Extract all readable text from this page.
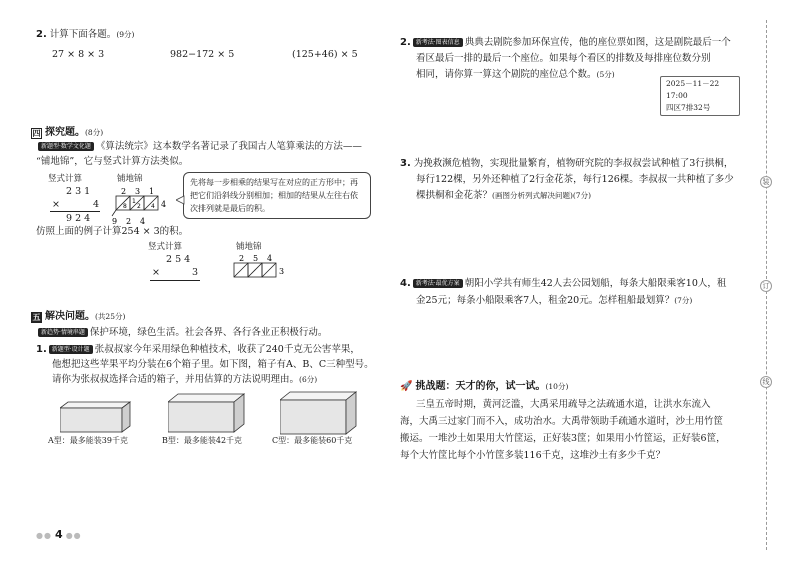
2. 计算下面各题。(9分)
27 × 8 × 3	982−172 × 5	(125+46) × 5
四 探究题。(8分)
新题型·数学文化题 《算法统宗》这本数学名著记录了我国古人笔算乘法的方法——
“铺地锦”，它与竖式计算方法类似。
竖式计算	铺地锦
2 3 1
×	4
9 2 4
2 3 1
4
8 2 4
1
9 2 4
先将每一步相乘的结果写在对应的正方形中；再
把它们沿斜线分别相加；相加的结果从左往右依
次排列就是最后的积。
仿照上面的例子计算254 × 3的积。
竖式计算	铺地锦
2 5 4
×	3
2 5 4
3
五 解决问题。(共25分)
新趋势·情境串题 保护环境，绿色生活。社会各界、各行各业正积极行动。
1. 新题型·设计题 张叔叔家今年采用绿色种植技术，收获了240千克无公害苹果，
他想把这些苹果平均分装在6个箱子里。如下图，箱子有A、B、C三种型号。
请你为张叔叔选择合适的箱子，并用估算的方法说明理由。(6分)
A型：最多能装39千克	B型：最多能装42千克	C型：最多能装60千克
●● 4 ●●
2. 新考法·图表信息 典典去剧院参加环保宣传，他的座位票如图，这是剧院最后一个
看区最后一排的最后一个座位。如果每个看区的排数及每排座位数分别
相同，请你算一算这个剧院的座位总个数。(5分)
2025－11－22 17:00
四区7排32号
3. 为挽救濒危植物，实现批量繁育，植物研究院的李叔叔尝试种植了3行拱桐，
每行122棵，另外还种植了2行金花茶，每行126棵。李叔叔一共种植了多少
棵拱桐和金花茶？(画图分析列式解决问题)(7分)
4. 新考法·最优方案 朝阳小学共有师生42人去公园划船，每条大船限乘客10人，租
金25元；每条小船限乘客7人，租金20元。怎样租船最划算？(7分)
🚀 挑战题：天才的你，试一试。(10分)
三皇五帝时期，黄河泛滥，大禹采用疏导之法疏通水道，让洪水东流入
海，大禹三过家门而不入，成功治水。大禹带领助手疏通水道时，沙土用竹筐
搬运。一堆沙土如果用大竹筐运，正好装3筐；如果用小竹筐运，正好装6筐，
每个大竹筐比每个小竹筐多装116千克，这堆沙土有多少千克？
装
订
线
